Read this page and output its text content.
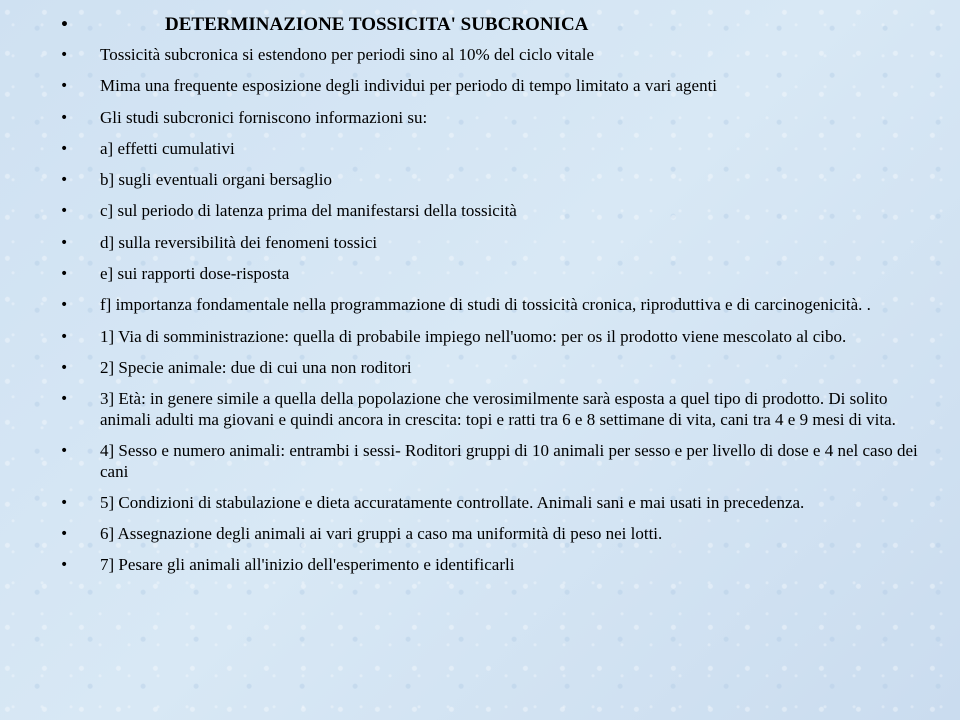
•	DETERMINAZIONE TOSSICITA' SUBCRONICA
• Tossicità subcronica si estendono per periodi sino al 10% del ciclo vitale
• Mima una frequente esposizione degli individui per periodo di tempo limitato a vari agenti
• Gli studi subcronici forniscono informazioni su:
• a] effetti cumulativi
• b] sugli eventuali organi bersaglio
• c] sul periodo di latenza prima del manifestarsi della tossicità
• d] sulla reversibilità dei fenomeni tossici
• e] sui rapporti dose-risposta
• f] importanza fondamentale nella programmazione di studi di tossicità cronica, riproduttiva e di carcinogenicità. .
• 1] Via di somministrazione: quella di probabile impiego nell'uomo: per os il prodotto viene mescolato al cibo.
• 2] Specie animale: due di cui una non roditori
• 3] Età: in genere simile a quella della popolazione che verosimilmente sarà esposta a quel tipo di prodotto. Di solito animali adulti ma giovani e quindi ancora in crescita: topi e ratti tra 6 e 8 settimane di vita, cani tra 4 e 9 mesi di vita.
• 4] Sesso e numero animali: entrambi i sessi- Roditori gruppi di 10 animali per sesso e per livello di dose e 4 nel caso dei cani
• 5] Condizioni di stabulazione e dieta accuratamente controllate. Animali sani e mai usati in precedenza.
• 6] Assegnazione degli animali ai vari gruppi a caso ma uniformità di peso nei lotti.
• 7] Pesare gli animali all'inizio dell'esperimento e identificarli
